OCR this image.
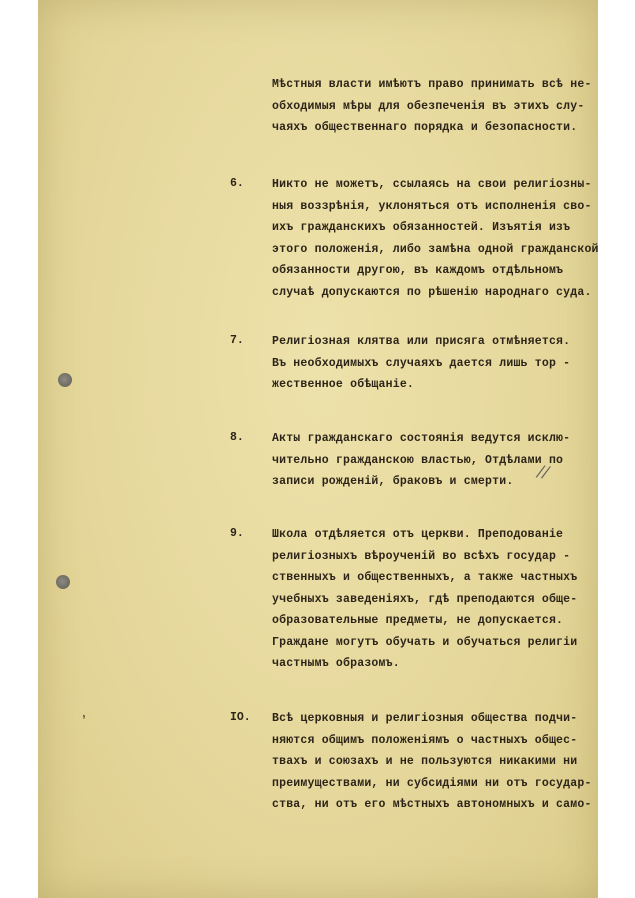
,
//
Мѣстныя власти имѣютъ право принимать всѣ не-
обходимыя мѣры для обезпеченія въ этихъ слу-
чаяхъ общественнаго порядка и безопасности.
6. Никто не можетъ, ссылаясь на свои религіозны-
ныя воззрѣнія, уклоняться отъ исполненія сво-
ихъ гражданскихъ обязанностей. Изъятія изъ
этого положенія, либо замѣна одной гражданской
обязанности другою, въ каждомъ отдѣльномъ
случаѣ допускаются по рѣшенію народнаго суда.
7. Религіозная клятва или присяга отмѣняется.
Въ необходимыхъ случаяхъ дается лишь тор -
жественное обѣщаніе.
8. Акты гражданскаго состоянія ведутся исклю-
чительно гражданскою властью, Отдѣлами по
записи рожденій, браковъ и смерти.
9. Школа отдѣляется отъ церкви. Преподованіе
религіозныхъ вѣроученій во всѣхъ государ -
ственныхъ и общественныхъ, а также частныхъ
учебныхъ заведеніяхъ, гдѣ преподаются обще-
образовательные предметы, не допускается.
Граждане могутъ обучать и обучаться религіи
частнымъ образомъ.
IO. Всѣ церковныя и религіозныя общества подчи-
няются общимъ положеніямъ о частныхъ общес-
твахъ и союзахъ и не пользуются никакими ни
преимуществами, ни субсидіями ни отъ государ-
ства, ни отъ его мѣстныхъ автономныхъ и само-
